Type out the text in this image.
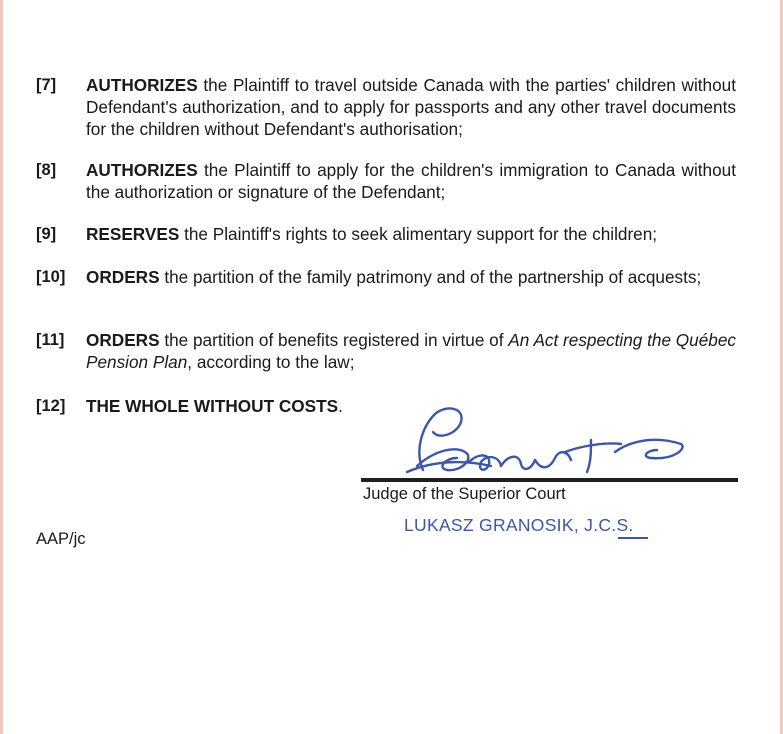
[7] AUTHORIZES the Plaintiff to travel outside Canada with the parties' children without Defendant's authorization, and to apply for passports and any other travel documents for the children without Defendant's authorisation;
[8] AUTHORIZES the Plaintiff to apply for the children's immigration to Canada without the authorization or signature of the Defendant;
[9] RESERVES the Plaintiff's rights to seek alimentary support for the children;
[10] ORDERS the partition of the family patrimony and of the partnership of acquests;
[11] ORDERS the partition of benefits registered in virtue of An Act respecting the Québec Pension Plan, according to the law;
[12] THE WHOLE WITHOUT COSTS.
Judge of the Superior Court
LUKASZ GRANOSIK, J.C.S.
AAP/jc
